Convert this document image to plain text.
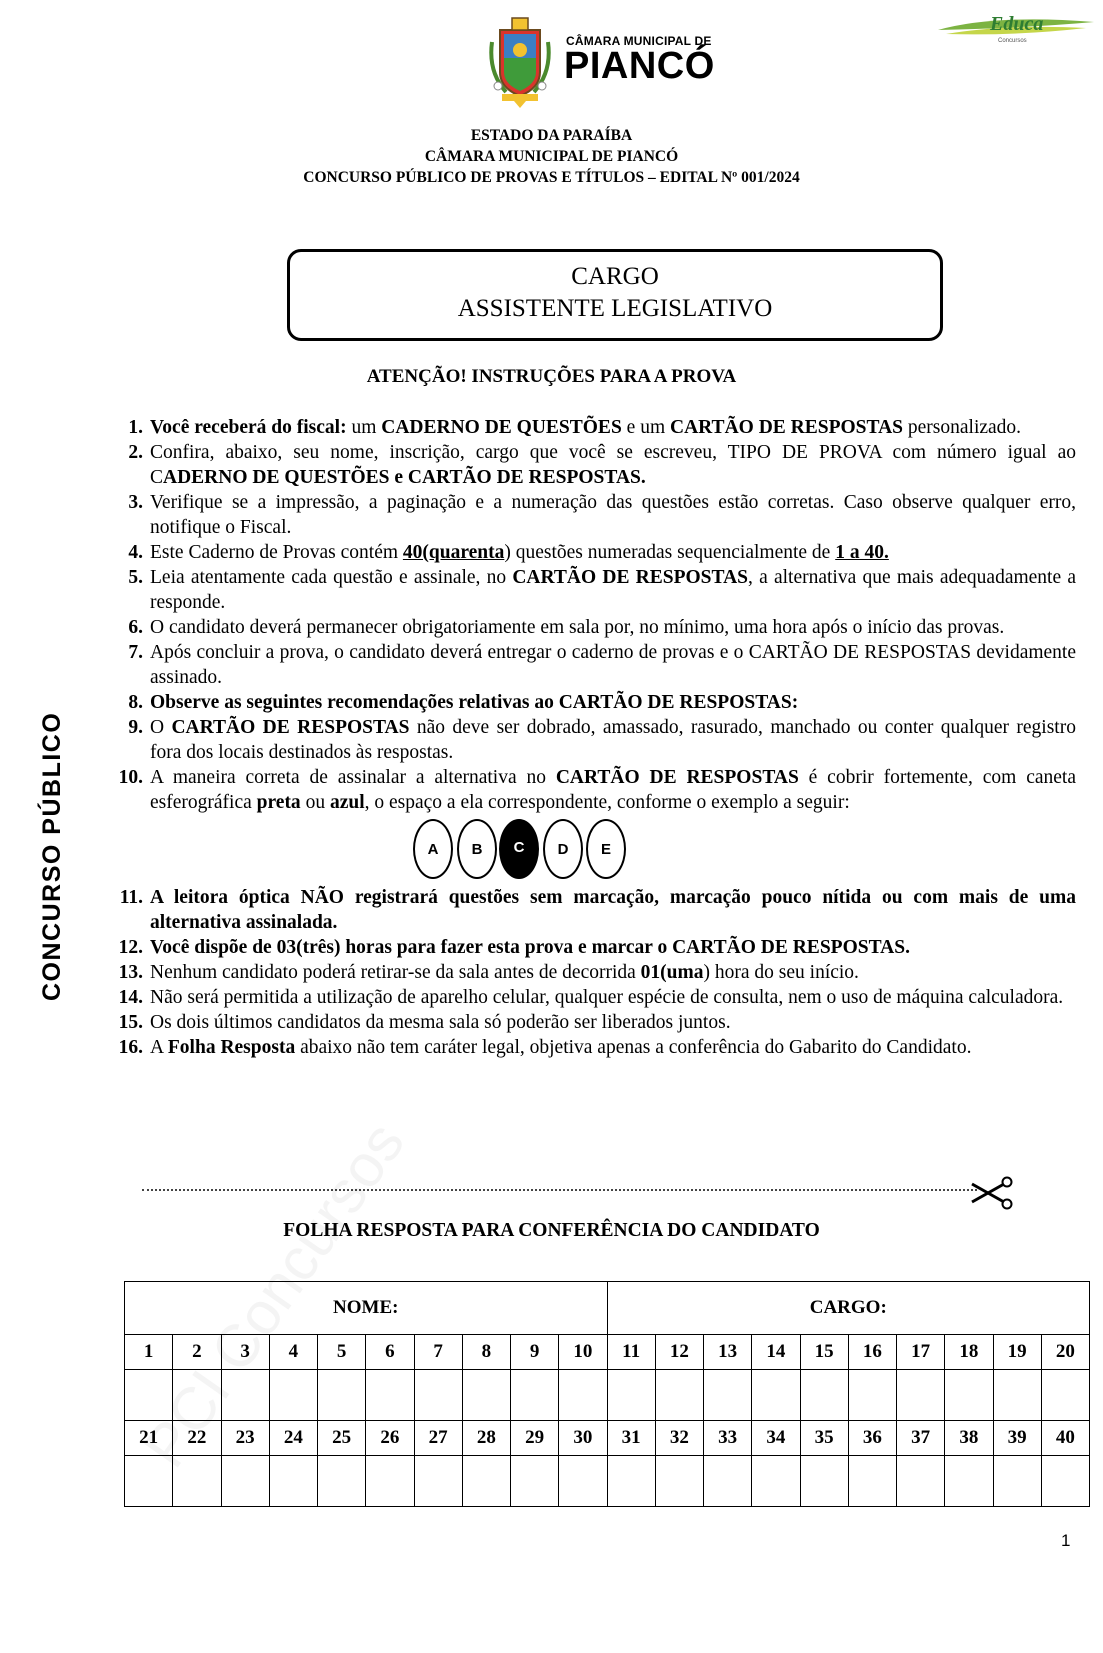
CÂMARA MUNICIPAL DE
PIANCÓ
Educa
Concursos
ESTADO DA PARAÍBA
CÂMARA MUNICIPAL DE PIANCÓ
CONCURSO PÚBLICO DE PROVAS E TÍTULOS – EDITAL Nº 001/2024
CARGO
ASSISTENTE LEGISLATIVO
ATENÇÃO! INSTRUÇÕES PARA A PROVA
CONCURSO PÚBLICO
1. Você receberá do fiscal: um CADERNO DE QUESTÕES e um CARTÃO DE RESPOSTAS personalizado.
2. Confira, abaixo, seu nome, inscrição, cargo que você se escreveu, TIPO DE PROVA com número igual ao CADERNO DE QUESTÕES e CARTÃO DE RESPOSTAS.
3. Verifique se a impressão, a paginação e a numeração das questões estão corretas. Caso observe qualquer erro, notifique o Fiscal.
4. Este Caderno de Provas contém 40(quarenta) questões numeradas sequencialmente de 1 a 40.
5. Leia atentamente cada questão e assinale, no CARTÃO DE RESPOSTAS, a alternativa que mais adequadamente a responde.
6. O candidato deverá permanecer obrigatoriamente em sala por, no mínimo, uma hora após o início das provas.
7. Após concluir a prova, o candidato deverá entregar o caderno de provas e o CARTÃO DE RESPOSTAS devidamente assinado.
8. Observe as seguintes recomendações relativas ao CARTÃO DE RESPOSTAS:
9. O CARTÃO DE RESPOSTAS não deve ser dobrado, amassado, rasurado, manchado ou conter qualquer registro fora dos locais destinados às respostas.
10. A maneira correta de assinalar a alternativa no CARTÃO DE RESPOSTAS é cobrir fortemente, com caneta esferográfica preta ou azul, o espaço a ela correspondente, conforme o exemplo a seguir:
A	B	C	D	E
11. A leitora óptica NÃO registrará questões sem marcação, marcação pouco nítida ou com mais de uma alternativa assinalada.
12. Você dispõe de 03(três) horas para fazer esta prova e marcar o CARTÃO DE RESPOSTAS.
13. Nenhum candidato poderá retirar-se da sala antes de decorrida 01(uma) hora do seu início.
14. Não será permitida a utilização de aparelho celular, qualquer espécie de consulta, nem o uso de máquina calculadora.
15. Os dois últimos candidatos da mesma sala só poderão ser liberados juntos.
16. A Folha Resposta abaixo não tem caráter legal, objetiva apenas a conferência do Gabarito do Candidato.
FOLHA RESPOSTA PARA CONFERÊNCIA DO CANDIDATO
NOME:										CARGO:									
1	2	3	4	5	6	7	8	9	10	11	12	13	14	15	16	17	18	19	20

21	22	23	24	25	26	27	28	29	30	31	32	33	34	35	36	37	38	39	40

1
